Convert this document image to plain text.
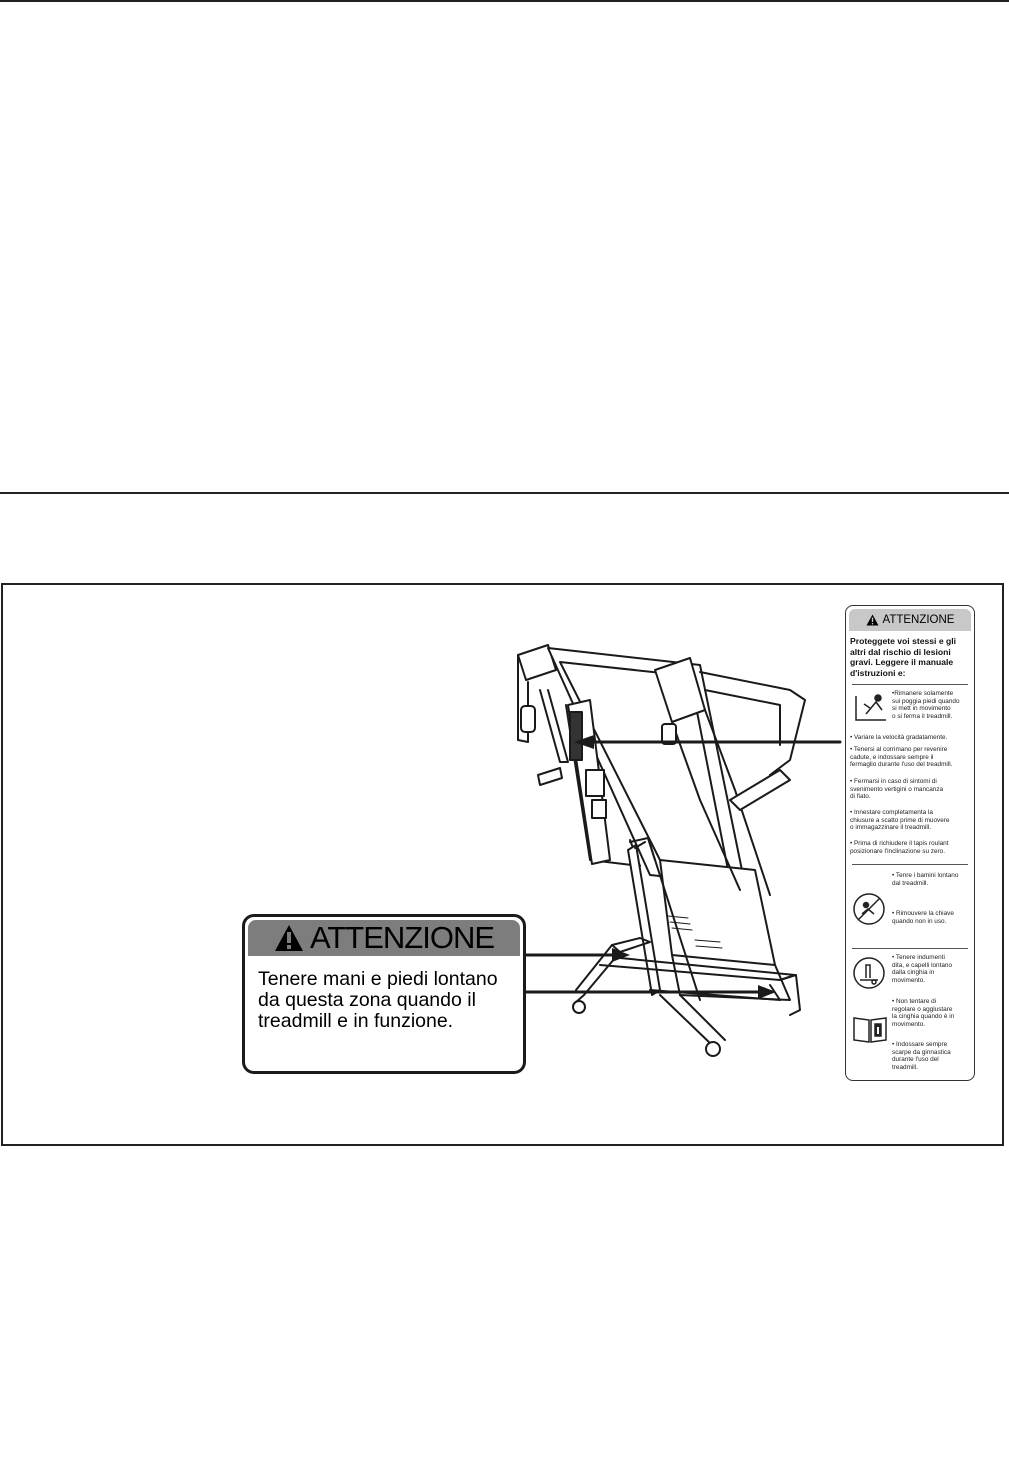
ATTENZIONE
Tenere mani e piedi lontano
da questa zona quando il
treadmill e in funzione.
ATTENZIONE
Proteggete voi stessi e gli
altri dal rischio di lesioni
gravi. Leggere il manuale
d'istruzioni e:
•Rimanere solamente
sui poggia piedi quando
si mett in movimento
o si ferma il treadmill.
• Variare la velocità gradatamente.
• Tenersi al corrimano per revenire
cadute, e indossare sempre il
fermaglio durante l'uso del treadmill.
• Fermarsi in caso di sintomi di
svenimento vertigini o mancanza
di fiato.
• Innestare completamenta la
chiusure a scatto prime di muovere
o immagazzinare il treadmill.
• Prima di richiudere il tapis roulant
posizionare l'inclinazione su zero.
• Tenre i bamini lontano
dal treadmill.
• Rimouvere la chiave
quando non in uso.
• Tenere indumenti
dita, e capelli lontano
dalla cinghia in
movimento.
• Non tentare di
regolare o agglustare
la cinghia quando è in
movimento.
• Indossare sempre
scarpe da ginnastica
durante l'uso del
treadmill.
